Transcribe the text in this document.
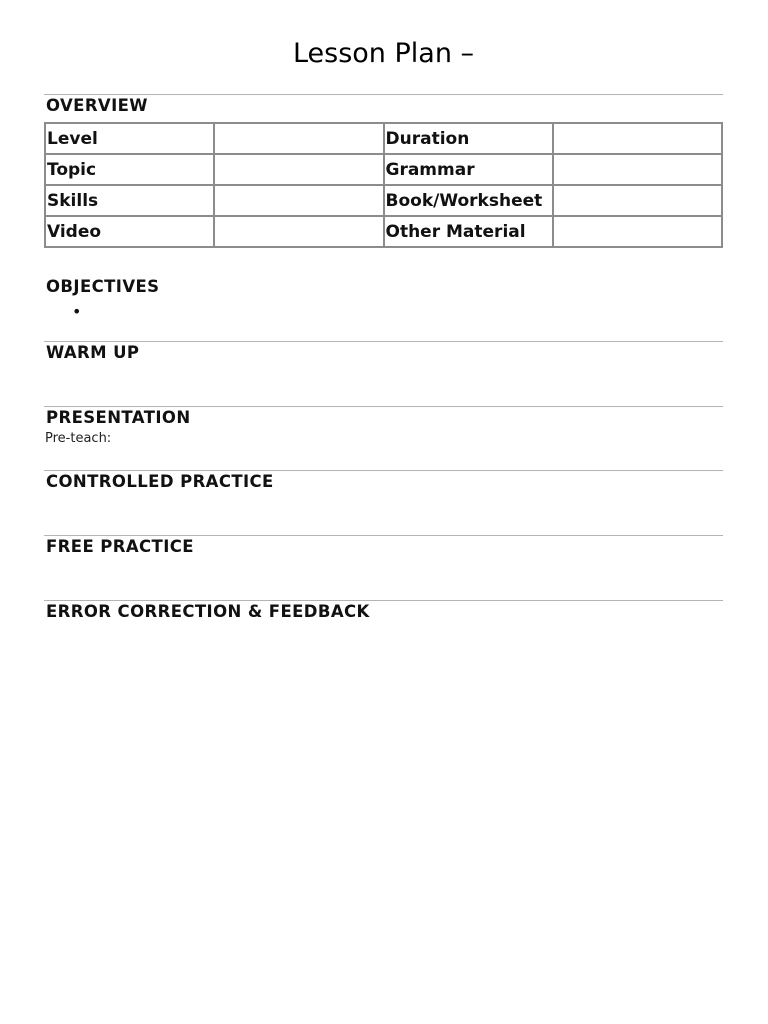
Lesson Plan –
OVERVIEW
Level		Duration	
Topic		Grammar	
Skills		Book/Worksheet	
Video		Other Material	
OBJECTIVES
•
WARM UP
PRESENTATION

Pre-teach:

CONTROLLED PRACTICE
FREE PRACTICE
ERROR CORRECTION & FEEDBACK
